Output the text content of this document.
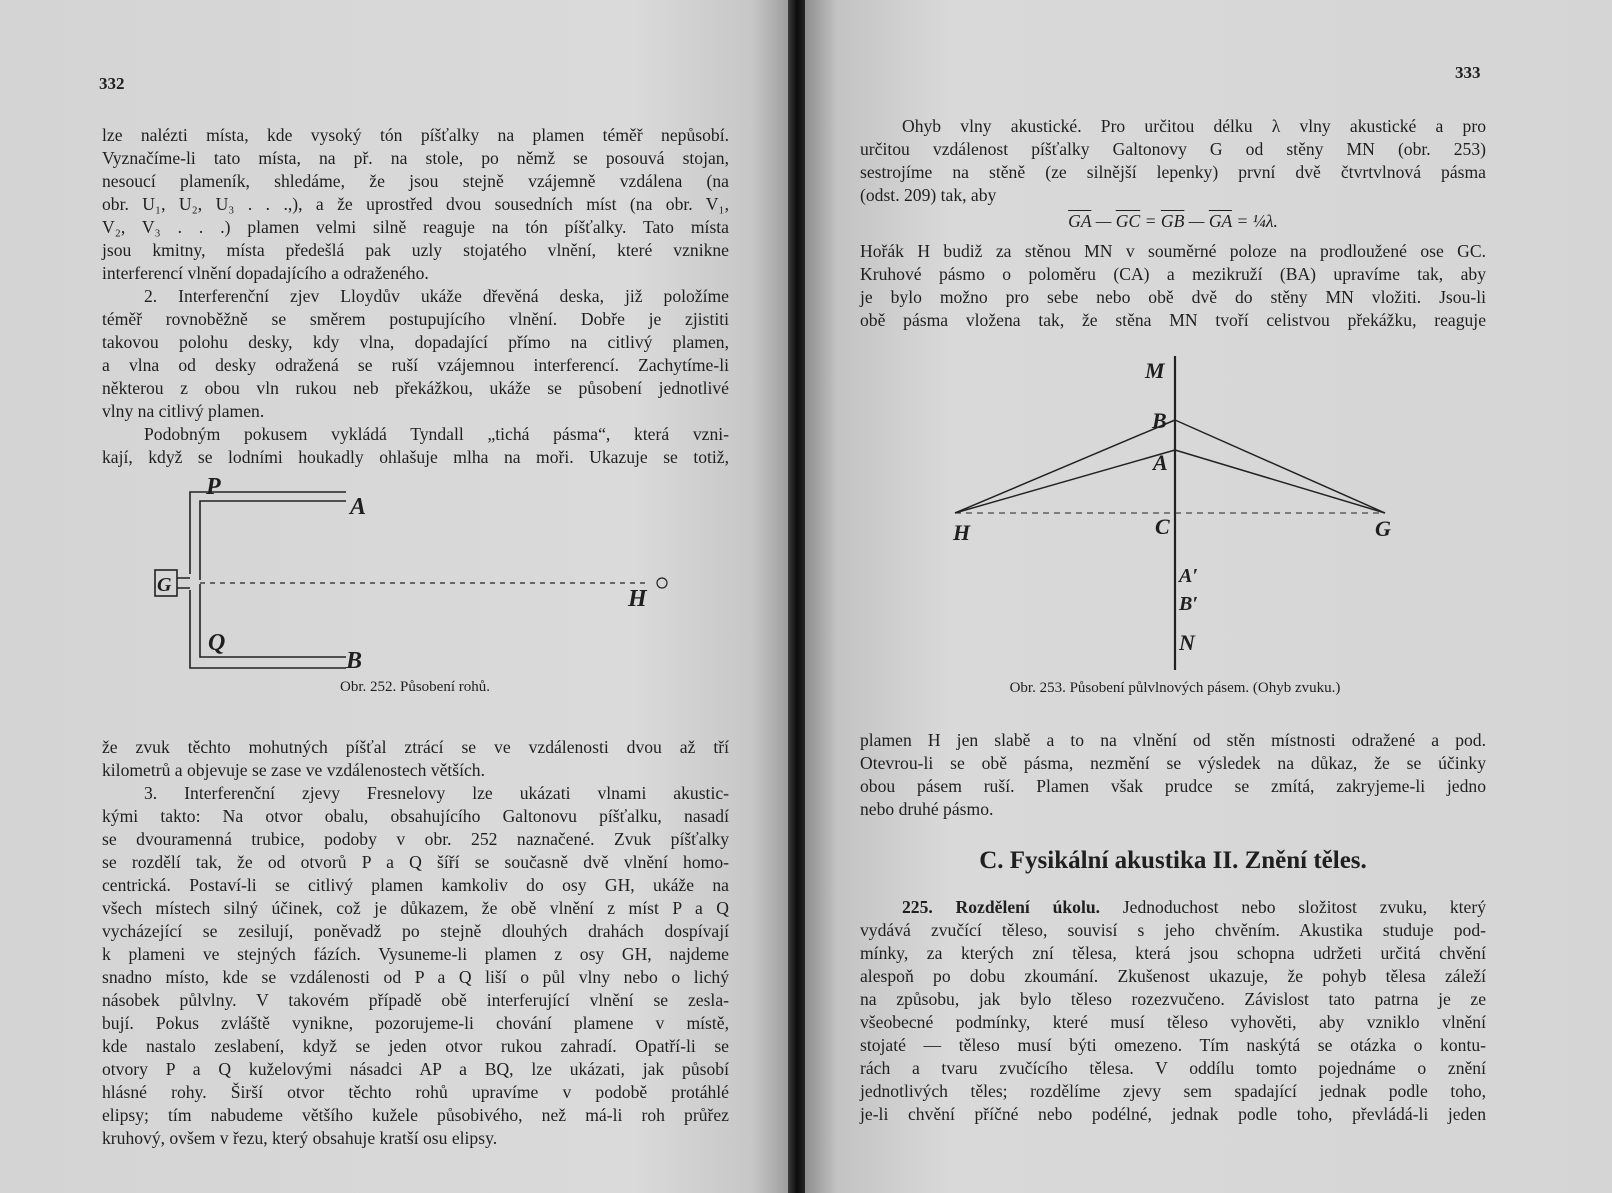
332

lze nalézti místa, kde vysoký tón píšťalky na plamen téměř nepůsobí.

Vyznačíme-li tato místa, na př. na stole, po němž se posouvá stojan,

nesoucí plameník, shledáme, že jsou stejně vzájemně vzdálena (na

obr. U₁, U₂, U₃ . . .,), a že uprostřed dvou sousedních míst (na obr. V₁,

V₂, V₃ . . .) plamen velmi silně reaguje na tón píšťalky. Tato místa

jsou kmitny, místa předešlá pak uzly stojatého vlnění, které vznikne

interferencí vlnění dopadajícího a odraženého.

2. Interferenční zjev Lloydův ukáže dřevěná deska, již položíme

téměř rovnoběžně se směrem postupujícího vlnění. Dobře je zjistiti

takovou polohu desky, kdy vlna, dopadající přímo na citlivý plamen,

a vlna od desky odražená se ruší vzájemnou interferencí. Zachytíme-li

některou z obou vln rukou neb překážkou, ukáže se působení jednotlivé

vlny na citlivý plamen.

Podobným pokusem vykládá Tyndall „tichá pásma“, která vzni-

kají, když se lodními houkadly ohlašuje mlha na moři. Ukazuje se totiž,

P
A
G
Q
B
H
Obr. 252. Působení rohů.

že zvuk těchto mohutných píšťal ztrácí se ve vzdálenosti dvou až tří

kilometrů a objevuje se zase ve vzdálenostech větších.

3. Interferenční zjevy Fresnelovy lze ukázati vlnami akustic-

kými takto: Na otvor obalu, obsahujícího Galtonovu píšťalku, nasadí

se dvouramenná trubice, podoby v obr. 252 naznačené. Zvuk píšťalky

se rozdělí tak, že od otvorů P a Q šíří se současně dvě vlnění homo-

centrická. Postaví-li se citlivý plamen kamkoliv do osy GH, ukáže na

všech místech silný účinek, což je důkazem, že obě vlnění z míst P a Q

vycházející se zesilují, poněvadž po stejně dlouhých drahách dospívají

k plameni ve stejných fázích. Vysuneme-li plamen z osy GH, najdeme

snadno místo, kde se vzdálenosti od P a Q liší o půl vlny nebo o lichý

násobek půlvlny. V takovém případě obě interferující vlnění se zesla-

bují. Pokus zvláště vynikne, pozorujeme-li chování plamene v místě,

kde nastalo zeslabení, když se jeden otvor rukou zahradí. Opatří-li se

otvory P a Q kuželovými násadci AP a BQ, lze ukázati, jak působí

hlásné rohy. Širší otvor těchto rohů upravíme v podobě protáhlé

elipsy; tím nabudeme většího kužele působivého, než má-li roh průřez

kruhový, ovšem v řezu, který obsahuje kratší osu elipsy.

333

Ohyb vlny akustické. Pro určitou délku λ vlny akustické a pro

určitou vzdálenost píšťalky Galtonovy G od stěny MN (obr. 253)

sestrojíme na stěně (ze silnější lepenky) první dvě čtvrtvlnová pásma

(odst. 209) tak, aby

$\overline{GA}$ — $\overline{GC} = \overline{GB}$ — $\overline{GA}$ = ¼λ.

Hořák H budiž za stěnou MN v souměrné poloze na prodloužené ose GC.

Kruhové pásmo o poloměru (CA) a mezikruží (BA) upravíme tak, aby

je bylo možno pro sebe nebo obě dvě do stěny MN vložiti. Jsou-li

obě pásma vložena tak, že stěna MN tvoří celistvou překážku, reaguje

M
B
A
H	C	G
A′
B′
N
Obr. 253. Působení půlvlnových pásem. (Ohyb zvuku.)

plamen H jen slabě a to na vlnění od stěn místnosti odražené a pod.

Otevrou-li se obě pásma, nezmění se výsledek na důkaz, že se účinky

obou pásem ruší. Plamen však prudce se zmítá, zakryjeme-li jedno

nebo druhé pásmo.

C. Fysikální akustika II. Znění těles.

225. Rozdělení úkolu. Jednoduchost nebo složitost zvuku, který

vydává zvučící těleso, souvisí s jeho chvěním. Akustika studuje pod-

mínky, za kterých zní tělesa, která jsou schopna udržeti určitá chvění

alespoň po dobu zkoumání. Zkušenost ukazuje, že pohyb tělesa záleží

na způsobu, jak bylo těleso rozezvučeno. Závislost tato patrna je ze

všeobecné podmínky, které musí těleso vyhověti, aby vzniklo vlnění

stojaté — těleso musí býti omezeno. Tím naskýtá se otázka o kontu-

rách a tvaru zvučícího tělesa. V oddílu tomto pojednáme o znění

jednotlivých těles; rozdělíme zjevy sem spadající jednak podle toho,

je-li chvění příčné nebo podélné, jednak podle toho, převládá-li jeden
